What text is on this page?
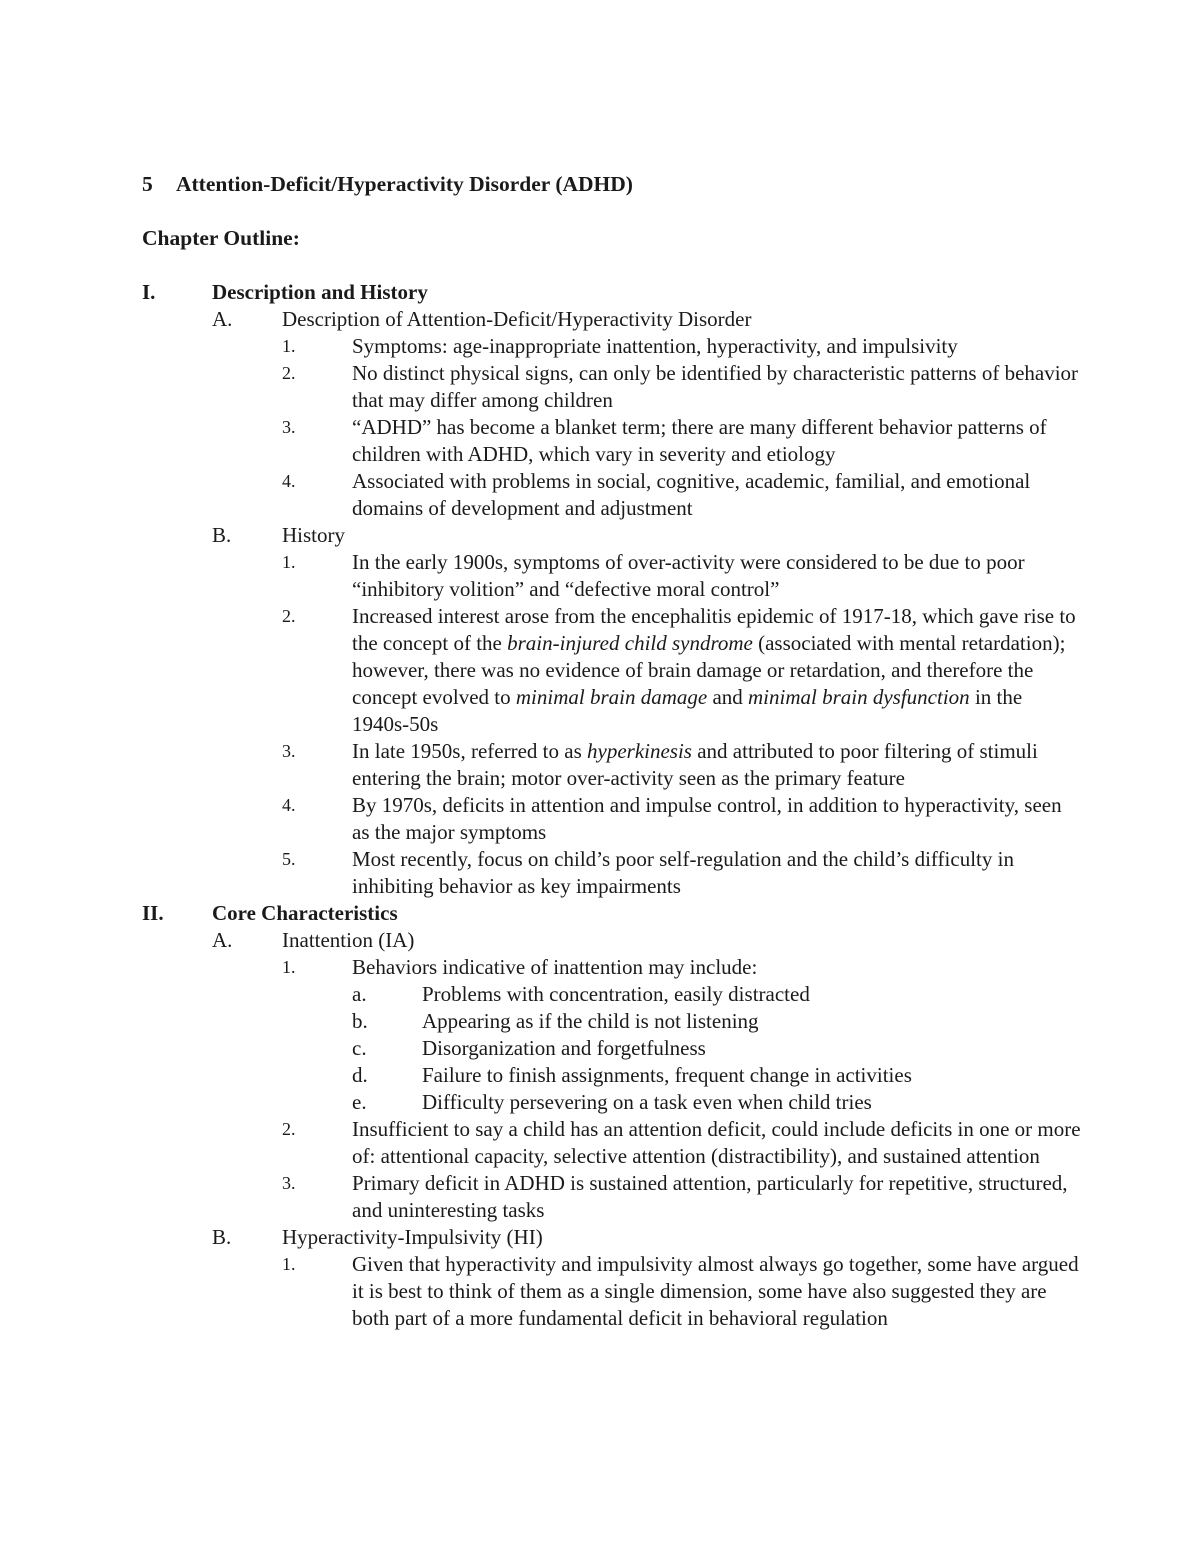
5 Attention-Deficit/Hyperactivity Disorder (ADHD)
Chapter Outline:
I.	Description and History
A.	Description of Attention-Deficit/Hyperactivity Disorder
1.	Symptoms: age-inappropriate inattention, hyperactivity, and impulsivity
2.	No distinct physical signs, can only be identified by characteristic patterns of behavior that may differ among children
3.	“ADHD” has become a blanket term; there are many different behavior patterns of children with ADHD, which vary in severity and etiology
4.	Associated with problems in social, cognitive, academic, familial, and emotional domains of development and adjustment
B.	History
1.	In the early 1900s, symptoms of over-activity were considered to be due to poor “inhibitory volition” and “defective moral control”
2.	Increased interest arose from the encephalitis epidemic of 1917-18, which gave rise to the concept of the brain-injured child syndrome (associated with mental retardation); however, there was no evidence of brain damage or retardation, and therefore the concept evolved to minimal brain damage and minimal brain dysfunction in the 1940s-50s
3.	In late 1950s, referred to as hyperkinesis and attributed to poor filtering of stimuli entering the brain; motor over-activity seen as the primary feature
4.	By 1970s, deficits in attention and impulse control, in addition to hyperactivity, seen as the major symptoms
5.	Most recently, focus on child’s poor self-regulation and the child’s difficulty in inhibiting behavior as key impairments
II.	Core Characteristics
A.	Inattention (IA)
1.	Behaviors indicative of inattention may include:
a.	Problems with concentration, easily distracted
b.	Appearing as if the child is not listening
c.	Disorganization and forgetfulness
d.	Failure to finish assignments, frequent change in activities
e.	Difficulty persevering on a task even when child tries
2.	Insufficient to say a child has an attention deficit, could include deficits in one or more of: attentional capacity, selective attention (distractibility), and sustained attention
3.	Primary deficit in ADHD is sustained attention, particularly for repetitive, structured, and uninteresting tasks
B.	Hyperactivity-Impulsivity (HI)
1.	Given that hyperactivity and impulsivity almost always go together, some have argued it is best to think of them as a single dimension, some have also suggested they are both part of a more fundamental deficit in behavioral regulation
